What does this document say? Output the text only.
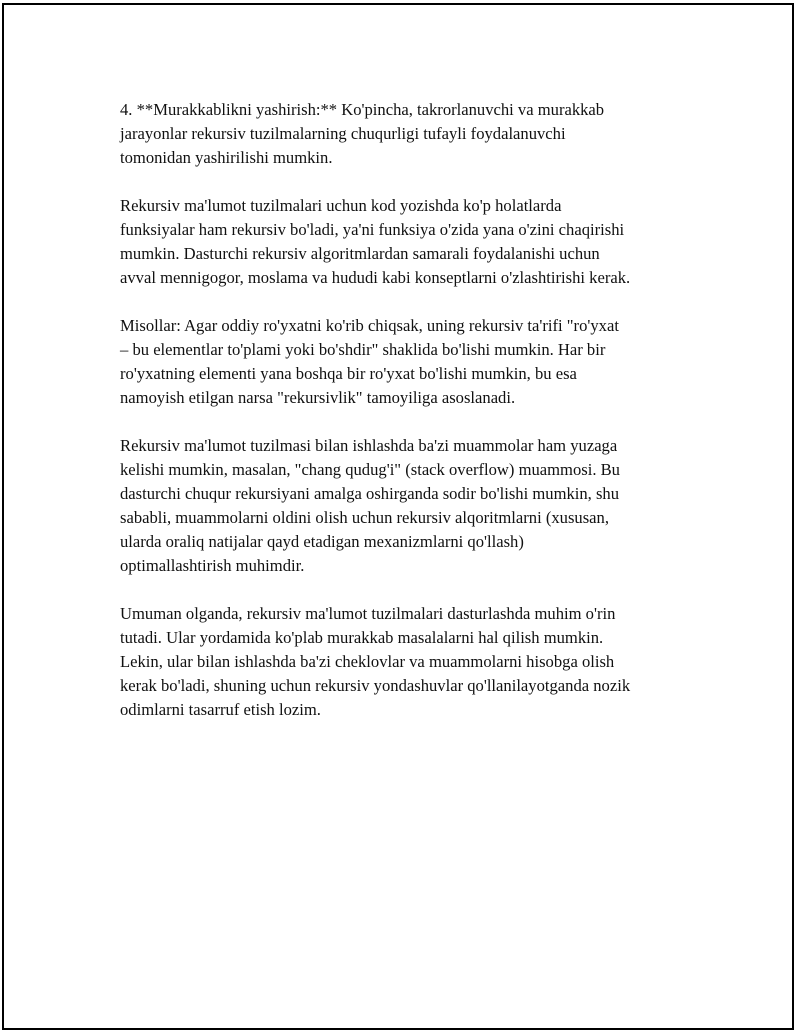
4. **Murakkablikni yashirish:** Ko'pincha, takrorlanuvchi va murakkab
jarayonlar rekursiv tuzilmalarning chuqurligi tufayli foydalanuvchi
tomonidan yashirilishi mumkin.

Rekursiv ma'lumot tuzilmalari uchun kod yozishda ko'p holatlarda
funksiyalar ham rekursiv bo'ladi, ya'ni funksiya o'zida yana o'zini chaqirishi
mumkin. Dasturchi rekursiv algoritmlardan samarali foydalanishi uchun
avval mennigogor, moslama va hududi kabi konseptlarni o'zlashtirishi kerak.

Misollar: Agar oddiy ro'yxatni ko'rib chiqsak, uning rekursiv ta'rifi "ro'yxat
– bu elementlar to'plami yoki bo'shdir" shaklida bo'lishi mumkin. Har bir
ro'yxatning elementi yana boshqa bir ro'yxat bo'lishi mumkin, bu esa
namoyish etilgan narsa "rekursivlik" tamoyiliga asoslanadi.

Rekursiv ma'lumot tuzilmasi bilan ishlashda ba'zi muammolar ham yuzaga
kelishi mumkin, masalan, "chang qudug'i" (stack overflow) muammosi. Bu
dasturchi chuqur rekursiyani amalga oshirganda sodir bo'lishi mumkin, shu
sababli, muammolarni oldini olish uchun rekursiv alqoritmlarni (xususan,
ularda oraliq natijalar qayd etadigan mexanizmlarni qo'llash)
optimallashtirish muhimdir.

Umuman olganda, rekursiv ma'lumot tuzilmalari dasturlashda muhim o'rin
tutadi. Ular yordamida ko'plab murakkab masalalarni hal qilish mumkin.
Lekin, ular bilan ishlashda ba'zi cheklovlar va muammolarni hisobga olish
kerak bo'ladi, shuning uchun rekursiv yondashuvlar qo'llanilayotganda nozik
odimlarni tasarruf etish lozim.
